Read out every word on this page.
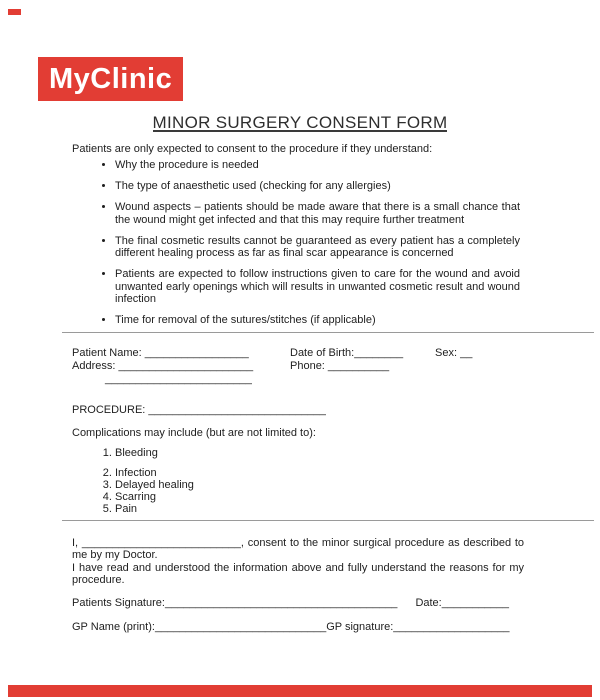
MyClinic
MINOR SURGERY CONSENT FORM

Patients are only expected to consent to the procedure if they understand:

• Why the procedure is needed
• The type of anaesthetic used (checking for any allergies)
• Wound aspects – patients should be made aware that there is a small chance that the wound might get infected and that this may require further treatment
• The final cosmetic results cannot be guaranteed as every patient has a completely different healing process as far as final scar appearance is concerned
• Patients are expected to follow instructions given to care for the wound and avoid unwanted early openings which will results in unwanted cosmetic result and wound infection
• Time for removal of the sutures/stitches (if applicable)
Patient Name: _________________	Date of Birth:________	Sex: __
Address: ______________________	Phone: __________
________________________
PROCEDURE: _____________________________
Complications may include (but are not limited to):
1. Bleeding
2. Infection
3. Delayed healing
4. Scarring
5. Pain
I, __________________________, consent to the minor surgical procedure as described to me by my Doctor.
I have read and understood the information above and fully understand the reasons for my procedure.
Patients Signature:______________________________________ Date:___________
GP Name (print):____________________________GP signature:___________________
